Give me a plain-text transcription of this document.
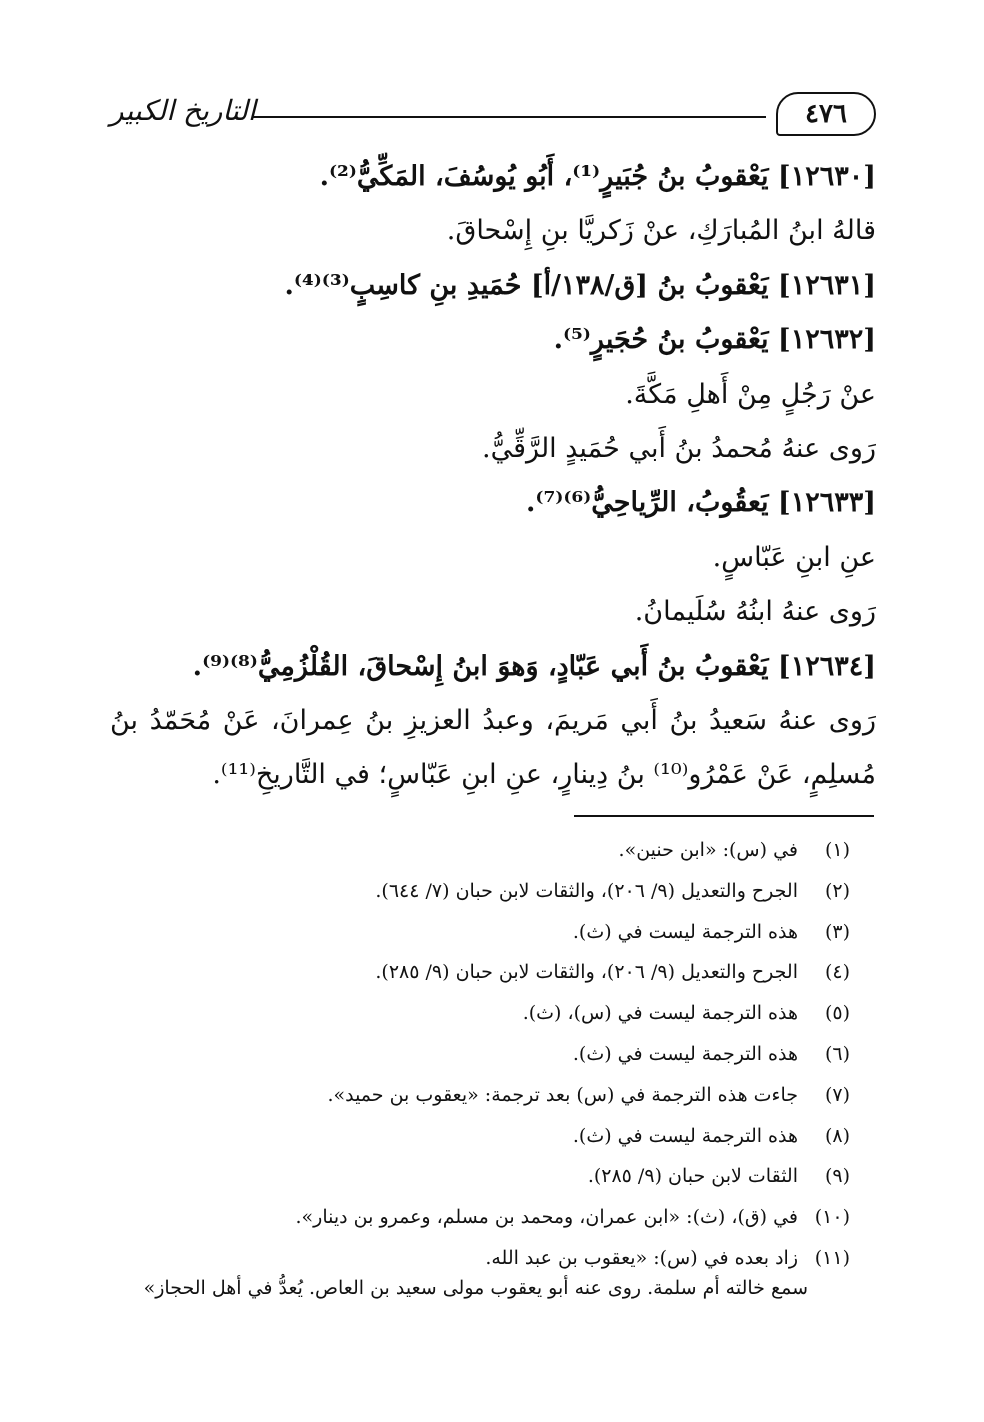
التاريخ الكبير	٤٧٦
[١٢٦٣٠] يَعْقوبُ بنُ جُبَيرٍ⁽¹⁾، أَبُو يُوسُفَ، المَكِّيُّ⁽²⁾.
قالهُ ابنُ المُبارَكِ، عنْ زَكريَّا بنِ إِسْحاقَ.
[١٢٦٣١] يَعْقوبُ بنُ [ق/١٣٨/أ] حُمَيدِ بنِ كاسِبٍ⁽³⁾⁽⁴⁾.
[١٢٦٣٢] يَعْقوبُ بنُ حُجَيرٍ⁽⁵⁾.
عنْ رَجُلٍ مِنْ أَهلِ مَكَّةَ.
رَوى عنهُ مُحمدُ بنُ أَبي حُمَيدٍ الرَّقِّيُّ.
[١٢٦٣٣] يَعقُوبُ، الرِّياحِيُّ⁽⁶⁾⁽⁷⁾.
عنِ ابنِ عَبّاسٍ.
رَوى عنهُ ابنُهُ سُلَيمانُ.
[١٢٦٣٤] يَعْقوبُ بنُ أَبي عَبّادٍ، وَهوَ ابنُ إِسْحاقَ، القُلْزُمِيُّ⁽⁸⁾⁽⁹⁾.
رَوى عنهُ سَعيدُ بنُ أَبي مَريمَ، وعبدُ العزيزِ بنُ عِمرانَ، عَنْ مُحَمّدُ بنُ
مُسلِمٍ، عَنْ عَمْرُو⁽¹⁰⁾ بنُ دِينارٍ، عنِ ابنِ عَبّاسٍ؛ في التَّاريخِ⁽¹¹⁾.
(١)
في (س): «ابن حنين».
(٢)
الجرح والتعديل (٩/ ٢٠٦)، والثقات لابن حبان (٧/ ٦٤٤).
(٣)
هذه الترجمة ليست في (ث).
(٤)
الجرح والتعديل (٩/ ٢٠٦)، والثقات لابن حبان (٩/ ٢٨٥).
(٥)
هذه الترجمة ليست في (س)، (ث).
(٦)
هذه الترجمة ليست في (ث).
(٧)
جاءت هذه الترجمة في (س) بعد ترجمة: «يعقوب بن حميد».
(٨)
هذه الترجمة ليست في (ث).
(٩)
الثقات لابن حبان (٩/ ٢٨٥).
(١٠)
في (ق)، (ث): «ابن عمران، ومحمد بن مسلم، وعمرو بن دينار».
(١١)
زاد بعده في (س): «يعقوب بن عبد الله.
سمع خالته أم سلمة. روى عنه أبو يعقوب مولى سعيد بن العاص. يُعدُّ في أهل الحجاز»
